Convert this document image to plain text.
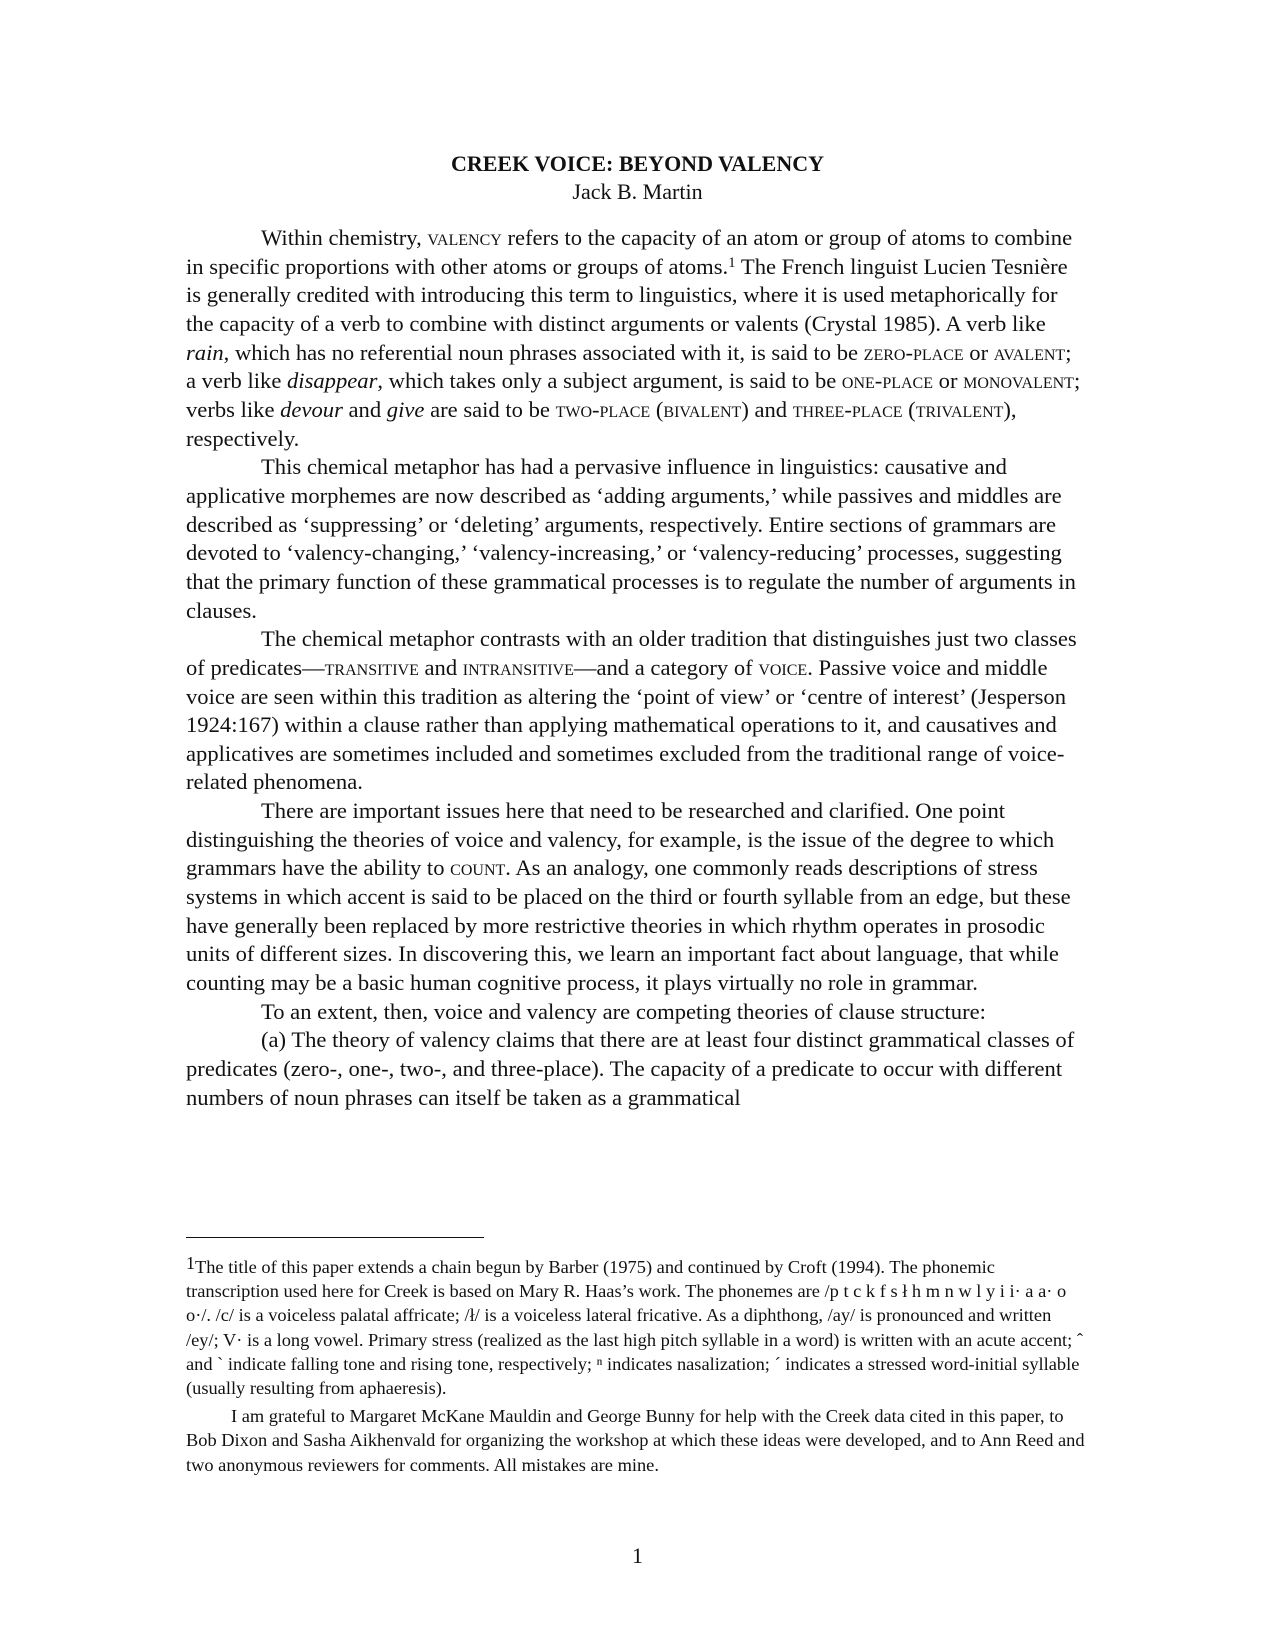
CREEK VOICE: BEYOND VALENCY
Jack B. Martin

Within chemistry, valency refers to the capacity of an atom or group of atoms to combine in specific proportions with other atoms or groups of atoms.$^1$ The French linguist Lucien Tesnière is generally credited with introducing this term to linguistics, where it is used metaphorically for the capacity of a verb to combine with distinct arguments or valents (Crystal 1985). A verb like rain, which has no referential noun phrases associated with it, is said to be zero-place or avalent; a verb like disappear, which takes only a subject argument, is said to be one-place or monovalent; verbs like devour and give are said to be two-place (bivalent) and three-place (trivalent), respectively.

This chemical metaphor has had a pervasive influence in linguistics: causative and applicative morphemes are now described as ‘adding arguments,’ while passives and middles are described as ‘suppressing’ or ‘deleting’ arguments, respectively. Entire sections of grammars are devoted to ‘valency-changing,’ ‘valency-increasing,’ or ‘valency-reducing’ processes, suggesting that the primary function of these grammatical processes is to regulate the number of arguments in clauses.

The chemical metaphor contrasts with an older tradition that distinguishes just two classes of predicates—transitive and intransitive—and a category of voice. Passive voice and middle voice are seen within this tradition as altering the ‘point of view’ or ‘centre of interest’ (Jesperson 1924:167) within a clause rather than applying mathematical operations to it, and causatives and applicatives are sometimes included and sometimes excluded from the traditional range of voice-related phenomena.

There are important issues here that need to be researched and clarified. One point distinguishing the theories of voice and valency, for example, is the issue of the degree to which grammars have the ability to count. As an analogy, one commonly reads descriptions of stress systems in which accent is said to be placed on the third or fourth syllable from an edge, but these have generally been replaced by more restrictive theories in which rhythm operates in prosodic units of different sizes. In discovering this, we learn an important fact about language, that while counting may be a basic human cognitive process, it plays virtually no role in grammar.

To an extent, then, voice and valency are competing theories of clause structure:

(a) The theory of valency claims that there are at least four distinct grammatical classes of predicates (zero-, one-, two-, and three-place). The capacity of a predicate to occur with different numbers of noun phrases can itself be taken as a grammatical

1The title of this paper extends a chain begun by Barber (1975) and continued by Croft (1994). The phonemic transcription used here for Creek is based on Mary R. Haas’s work. The phonemes are /p t c k f s ł h m n w l y i i· a a· o o·/. /c/ is a voiceless palatal affricate; /ł/ is a voiceless lateral fricative. As a diphthong, /ay/ is pronounced and written /ey/; V· is a long vowel. Primary stress (realized as the last high pitch syllable in a word) is written with an acute accent; ˆ and ` indicate falling tone and rising tone, respectively; ⁿ indicates nasalization; ´ indicates a stressed word-initial syllable (usually resulting from aphaeresis).

I am grateful to Margaret McKane Mauldin and George Bunny for help with the Creek data cited in this paper, to Bob Dixon and Sasha Aikhenvald for organizing the workshop at which these ideas were developed, and to Ann Reed and two anonymous reviewers for comments. All mistakes are mine.

1
